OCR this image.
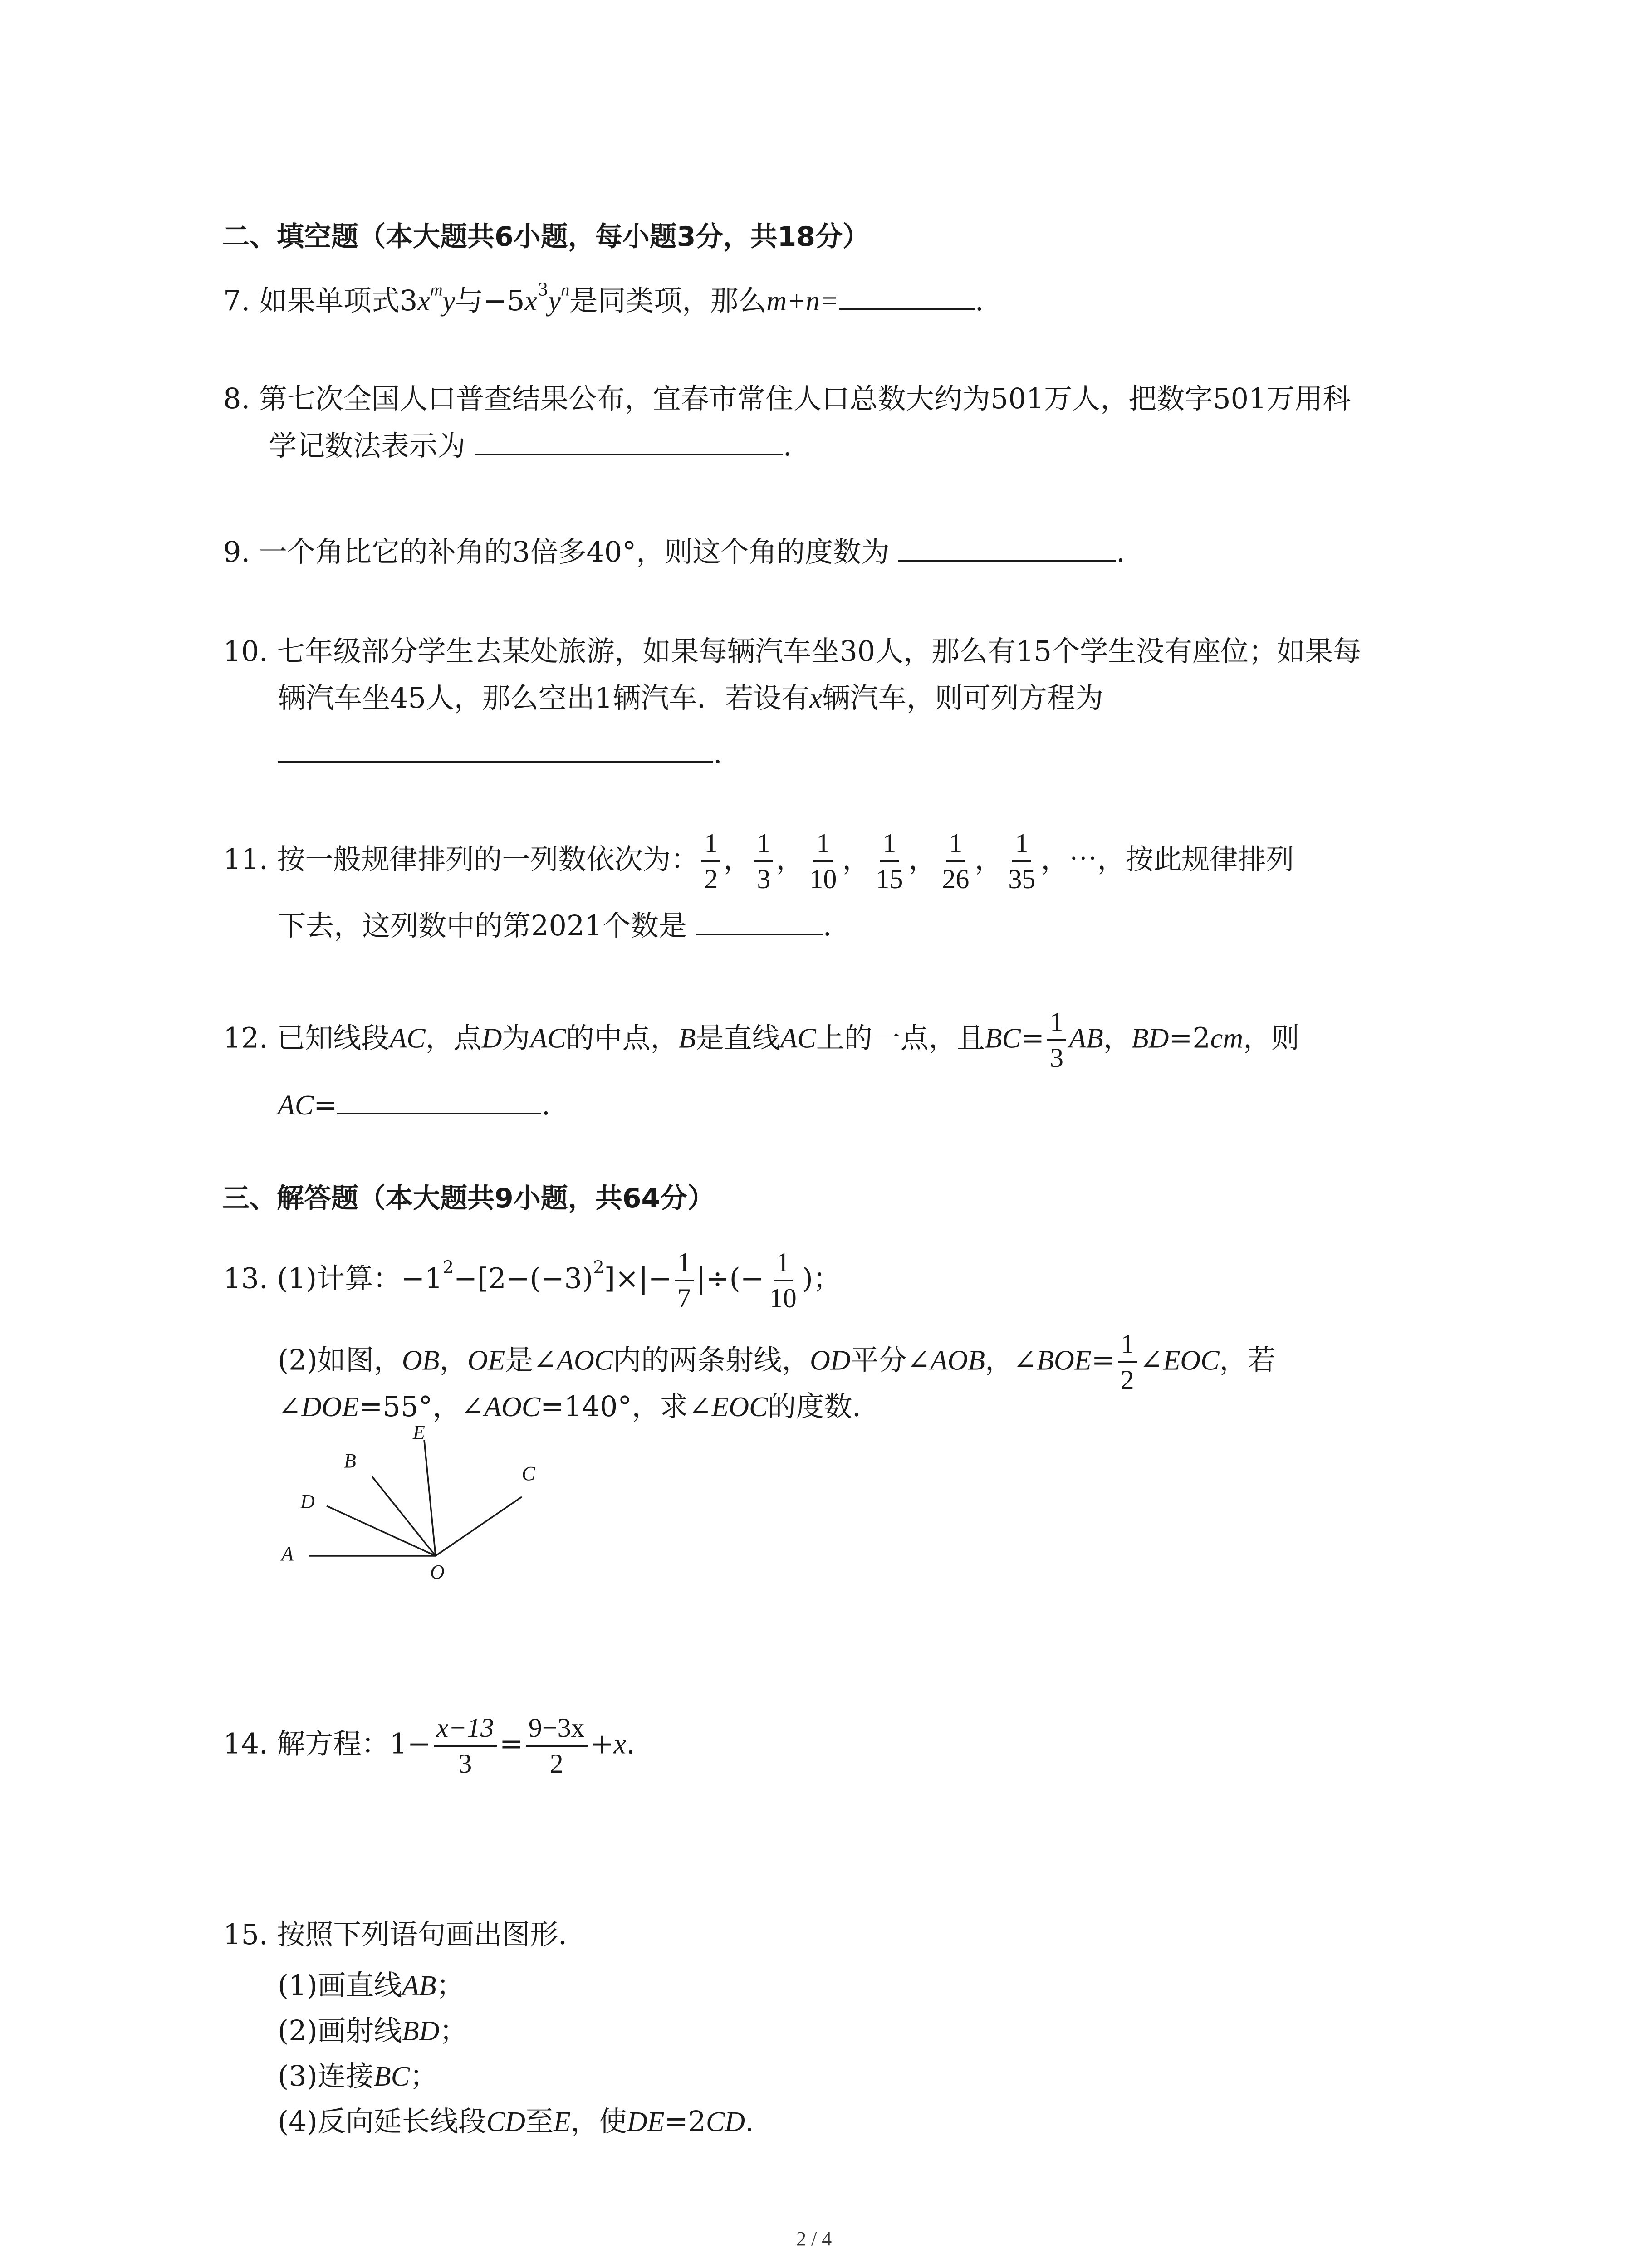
二、填空题（本大题共6小题，每小题3分，共18分）
7. 如果单项式$3x^my$与$-5x^3y^n$是同类项，那么m+n=	.
8. 第七次全国人口普查结果公布，宜春市常住人口总数大约为501万人，把数字501万用科
学记数法表示为	.
9. 一个角比它的补角的3倍多40°，则这个角的度数为	.
10. 七年级部分学生去某处旅游，如果每辆汽车坐30人，那么有15个学生没有座位；如果每
辆汽车坐45人，那么空出1辆汽车．若设有x辆汽车，则可列方程为
.
11. 按一般规律排列的一列数依次为： $\frac{1}{2}$ ， $\frac{1}{3}$ ， $\frac{1}{10}$ ， $\frac{1}{15}$ ， $\frac{1}{26}$ ， $\frac{1}{35}$ ，⋯，按此规律排列
下去，这列数中的第2021个数是	.
12. 已知线段AC，点D为AC的中点，B是直线AC上的一点，且$BC= \frac{1}{3}$ AB，BD=2cm，则
AC=	.
三、解答题（本大题共9小题，共64分）
13. (1)计算：$-1^2-[2-(-3)^2]\times|- \frac{1}{7}$ |÷(− $\frac{1}{10}$ )；
(2)如图，OB，OE是∠AOC内的两条射线，OD平分∠AOB，∠BOE= $\frac{1}{2}$ ∠EOC，若
∠DOE=55°，∠AOC=140°，求∠EOC的度数．
A
D
B
E
C
O
14. 解方程：$1- \frac{x-13}{3} = \frac{9-3x}{2} +x$.
15. 按照下列语句画出图形．
(1)画直线AB；
(2)画射线BD；
(3)连接BC；
(4)反向延长线段CD至E，使DE=2CD.
2 / 4
